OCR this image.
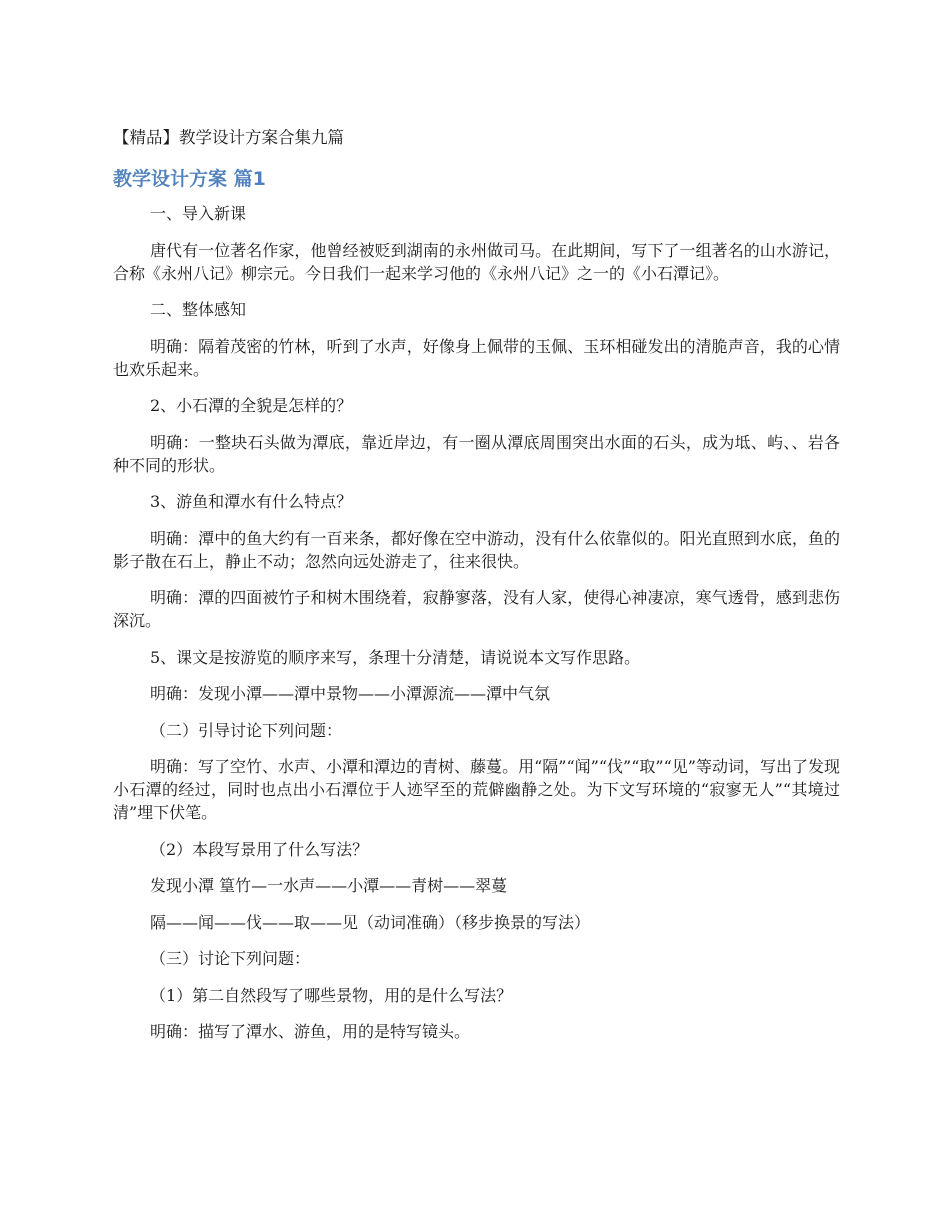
【精品】教学设计方案合集九篇
教学设计方案 篇1

一、导入新课

唐代有一位著名作家，他曾经被贬到湖南的永州做司马。在此期间，写下了一组著名的山水游记，合称《永州八记》柳宗元。今日我们一起来学习他的《永州八记》之一的《小石潭记》。

二、整体感知

明确：隔着茂密的竹林，听到了水声，好像身上佩带的玉佩、玉环相碰发出的清脆声音，我的心情也欢乐起来。

2、小石潭的全貌是怎样的？

明确：一整块石头做为潭底，靠近岸边，有一圈从潭底周围突出水面的石头，成为坻、屿、、岩各种不同的形状。

3、游鱼和潭水有什么特点？

明确：潭中的鱼大约有一百来条，都好像在空中游动，没有什么依靠似的。阳光直照到水底，鱼的影子散在石上，静止不动；忽然向远处游走了，往来很快。

明确：潭的四面被竹子和树木围绕着，寂静寥落，没有人家，使得心神凄凉，寒气透骨，感到悲伤深沉。

5、课文是按游览的顺序来写，条理十分清楚，请说说本文写作思路。

明确：发现小潭——潭中景物——小潭源流——潭中气氛

（二）引导讨论下列问题：

明确：写了空竹、水声、小潭和潭边的青树、藤蔓。用“隔”“闻”“伐”“取”“见”等动词，写出了发现小石潭的经过，同时也点出小石潭位于人迹罕至的荒僻幽静之处。为下文写环境的“寂寥无人”“其境过清”埋下伏笔。

（2）本段写景用了什么写法？

发现小潭 篁竹—一水声——小潭——青树——翠蔓

隔——闻——伐——取——见（动词准确）（移步换景的写法）

（三）讨论下列问题：

（1）第二自然段写了哪些景物，用的是什么写法？

明确：描写了潭水、游鱼，用的是特写镜头。
